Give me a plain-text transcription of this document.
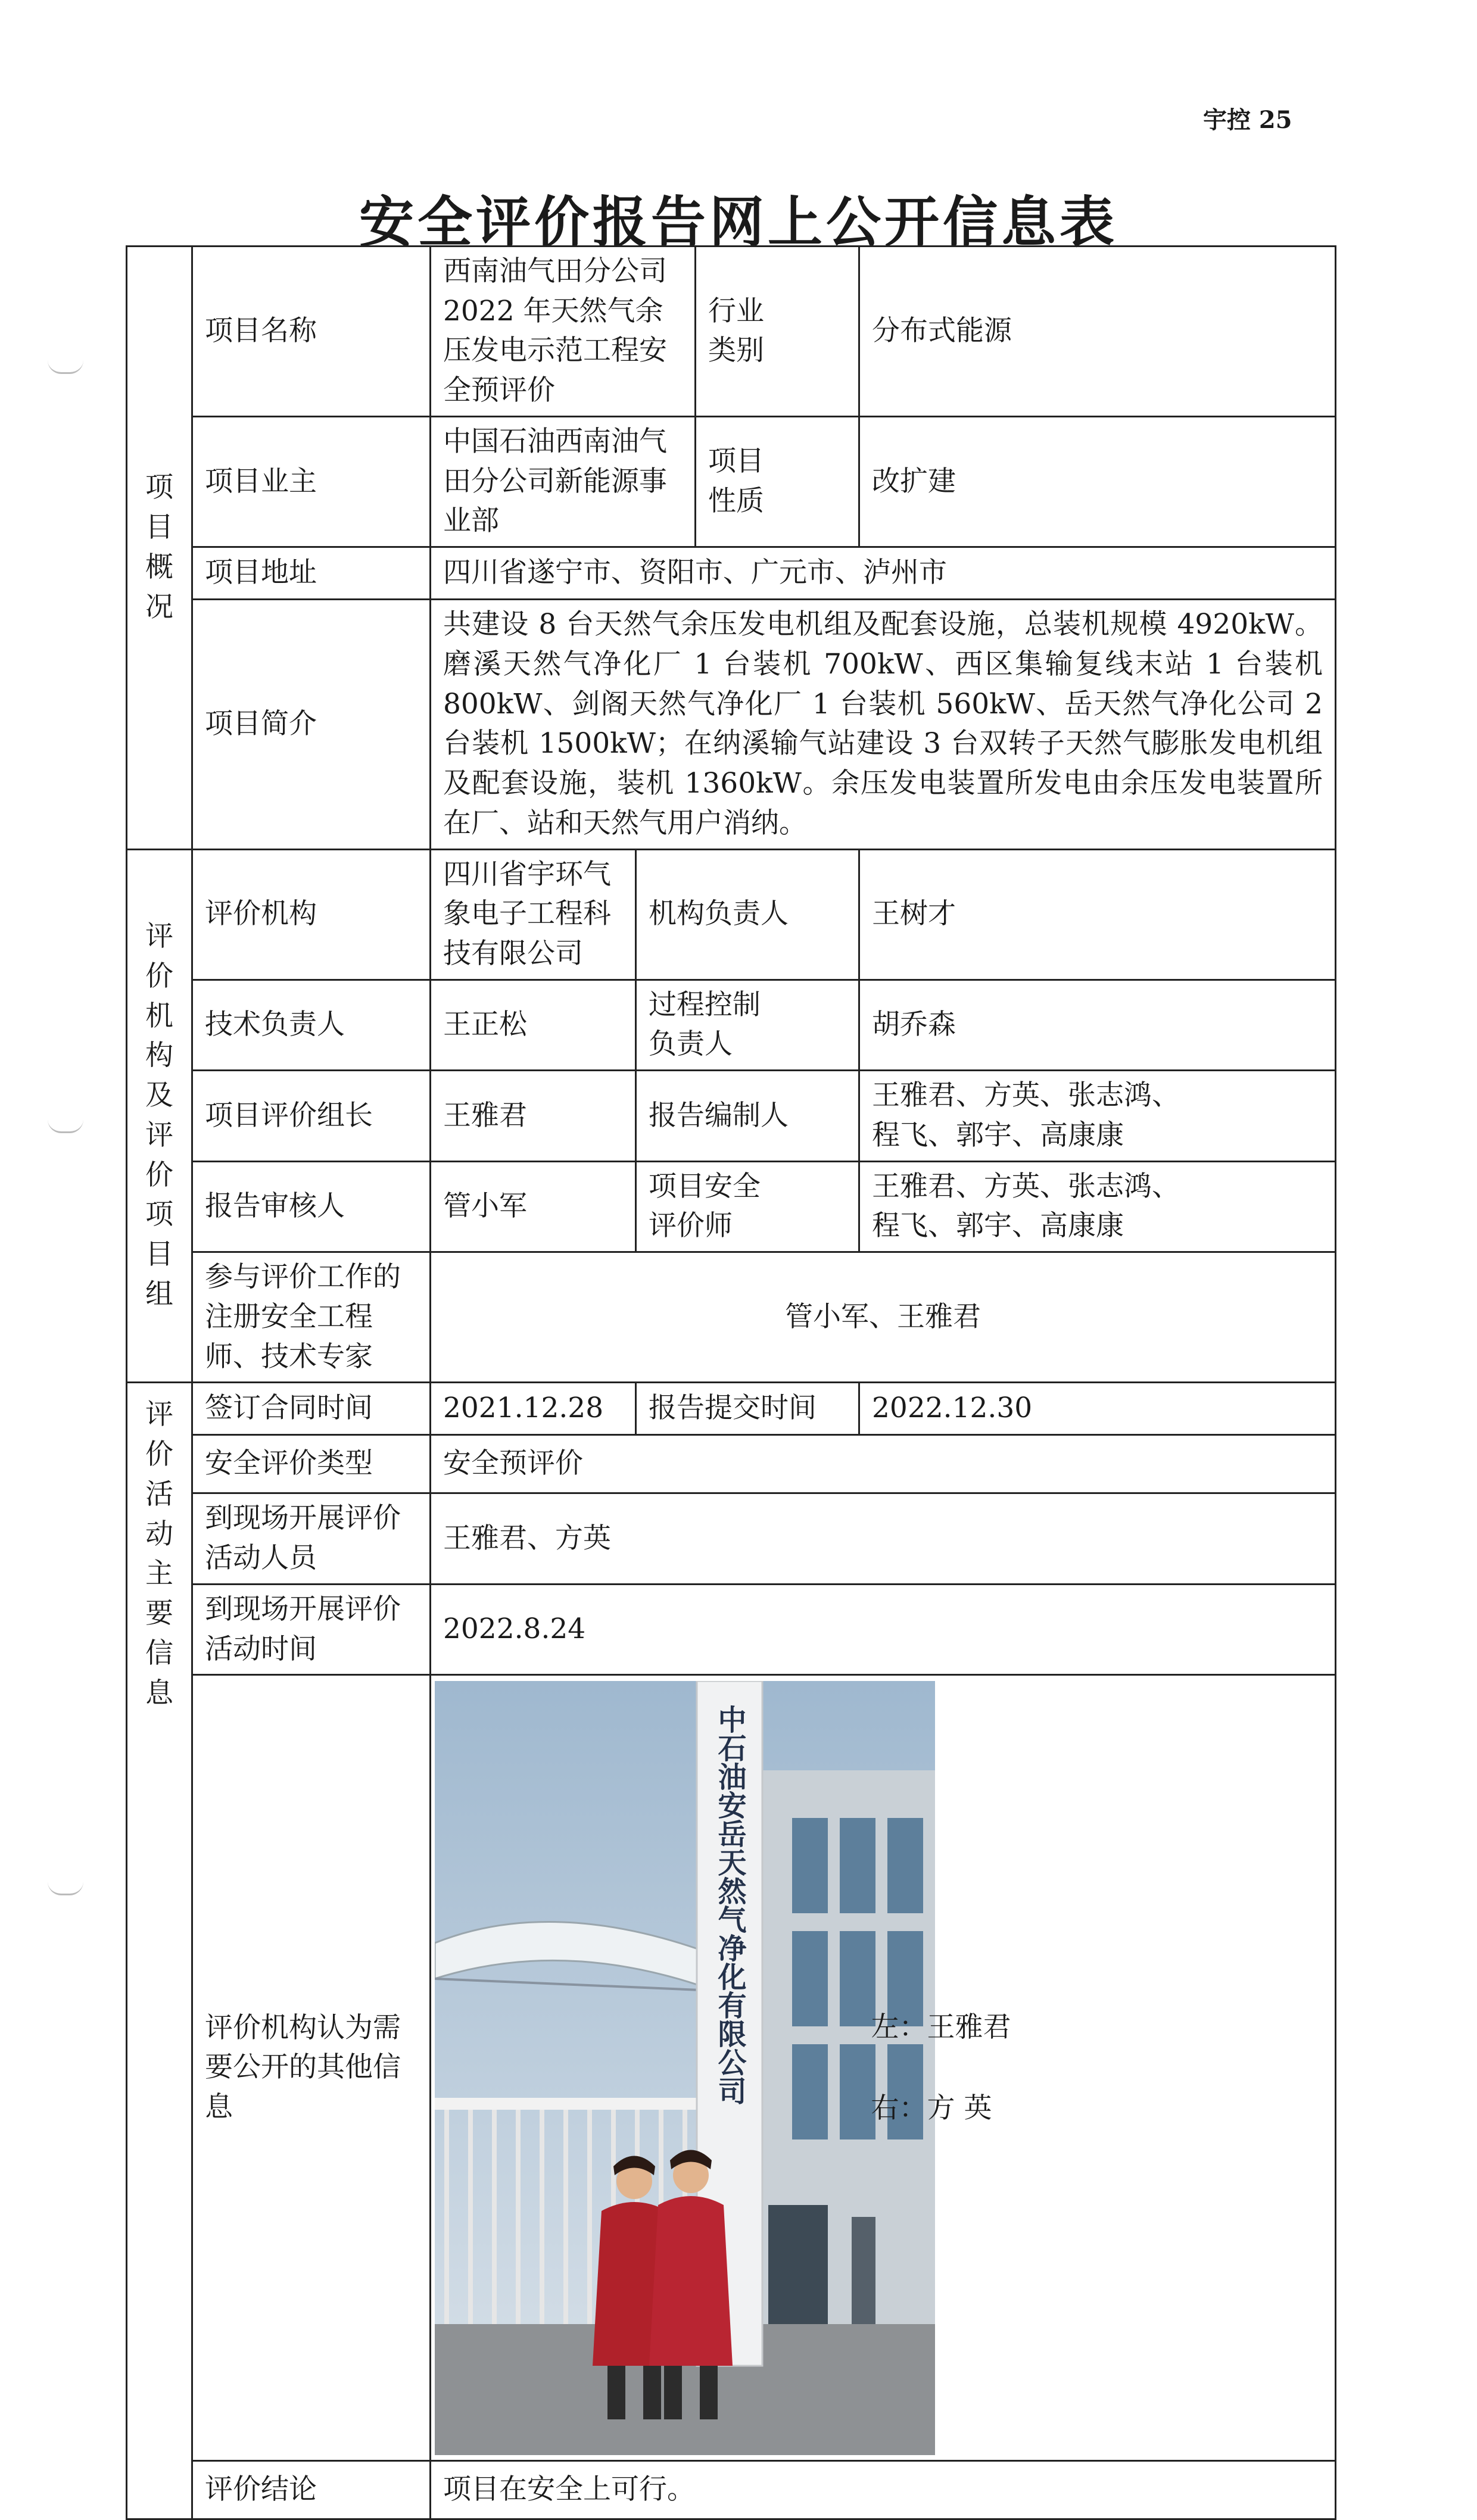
宇控 25
安全评价报告网上公开信息表
项目概况	项目名称	西南油气田分公司 2022 年天然气余压发电示范工程安全预评价		行业类别	分布式能源
	项目业主	中国石油西南油气田分公司新能源事业部		项目性质	改扩建
	项目地址	四川省遂宁市、资阳市、广元市、泸州市			
	项目简介	共建设 8 台天然气余压发电机组及配套设施，总装机规模 4920kW。磨溪天然气净化厂 1 台装机 700kW、西区集输复线末站 1 台装机 800kW、剑阁天然气净化厂 1 台装机 560kW、岳天然气净化公司 2 台装机 1500kW；在纳溪输气站建设 3 台双转子天然气膨胀发电机组及配套设施，装机 1360kW。余压发电装置所发电由余压发电装置所在厂、站和天然气用户消纳。			
评价机构及评价项目组	评价机构	四川省宇环气象电子工程科技有限公司	机构负责人		王树才
	技术负责人	王正松	过程控制负责人		胡乔森
	项目评价组长	王雅君	报告编制人		王雅君、方英、张志鸿、程飞、郭宇、高康康
	报告审核人	管小军	项目安全评价师		王雅君、方英、张志鸿、程飞、郭宇、高康康
	参与评价工作的注册安全工程师、技术专家	管小军、王雅君			
评价活动主要信息	签订合同时间	2021.12.28	报告提交时间		2022.12.30
	安全评价类型	安全预评价			
	到现场开展评价活动人员	王雅君、方英			
	到现场开展评价活动时间	2022.8.24			
	评价机构认为需要公开的其他信息	中石油安岳天然气净化有限公司			左：王雅君
右：方 英

	评价结论	项目在安全上可行。			
